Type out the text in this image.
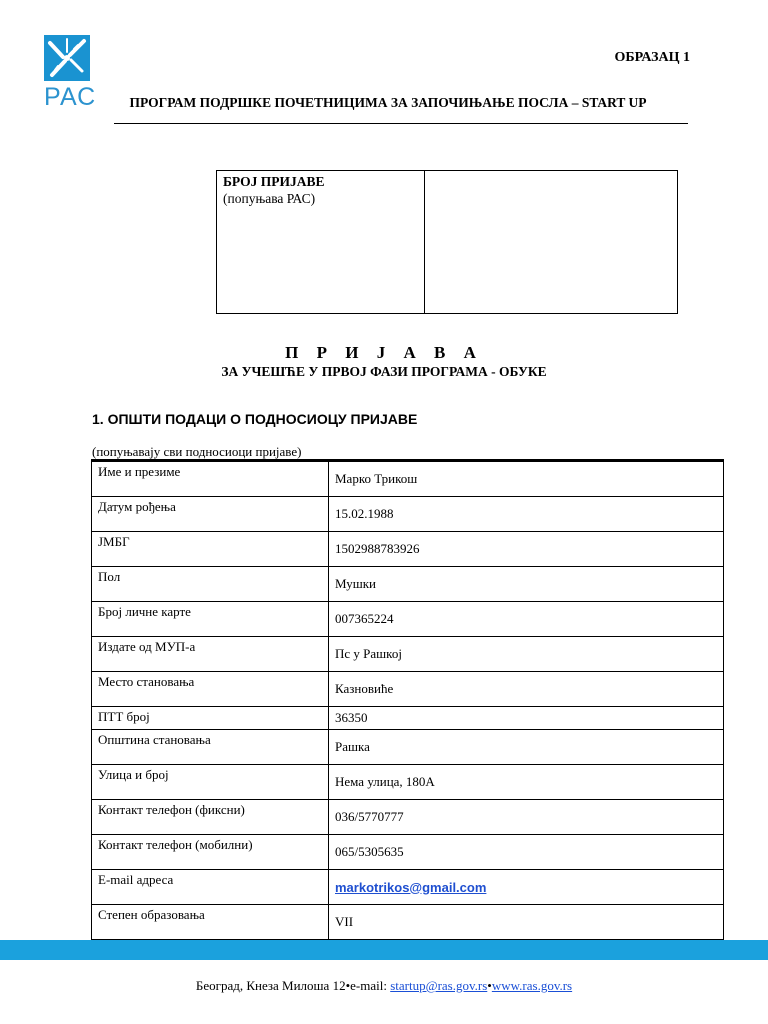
РАС
ОБРАЗАЦ 1
ПРОГРАМ ПОДРШКЕ ПОЧЕТНИЦИМА ЗА ЗАПОЧИЊАЊЕ ПОСЛА – START UP
БРОЈ ПРИЈАВЕ
(попуњава РАС)
П Р И Ј А В А
ЗА УЧЕШЋЕ У ПРВОЈ ФАЗИ ПРОГРАМА - ОБУКЕ
1. ОПШТИ ПОДАЦИ О ПОДНОСИОЦУ ПРИЈАВЕ
(попуњавају сви подносиоци пријаве)
Име и презиме	Марко Трикош
Датум рођења	15.02.1988
ЈМБГ	1502988783926
Пол	Мушки
Број личне карте	007365224
Издате од МУП-а	Пс у Рашкој
Место становања	Казновиће
ПТТ број	36350
Општина становања	Рашка
Улица и број	Нема улица, 180А
Контакт телефон (фиксни)	036/5770777
Контакт телефон (мобилни)	065/5305635
E-mail адреса	markotrikos@gmail.com
Степен образовања	VII
Београд, Кнеза Милоша 12•e-mail: startup@ras.gov.rs•www.ras.gov.rs
